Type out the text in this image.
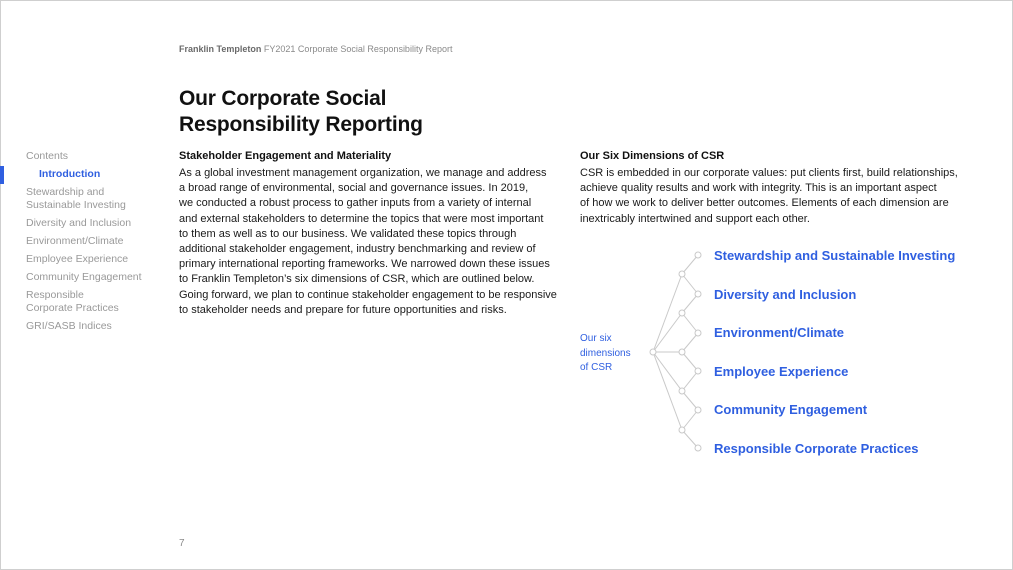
Franklin Templeton FY2021 Corporate Social Responsibility Report
Our Corporate Social
Responsibility Reporting
Contents
Introduction
Stewardship and
Sustainable Investing
Diversity and Inclusion
Environment/Climate
Employee Experience
Community Engagement
Responsible
Corporate Practices
GRI/SASB Indices
Stakeholder Engagement and Materiality
As a global investment management organization, we manage and address
a broad range of environmental, social and governance issues. In 2019,
we conducted a robust process to gather inputs from a variety of internal
and external stakeholders to determine the topics that were most important
to them as well as to our business. We validated these topics through
additional stakeholder engagement, industry benchmarking and review of
primary international reporting frameworks. We narrowed down these issues
to Franklin Templeton’s six dimensions of CSR, which are outlined below.
Going forward, we plan to continue stakeholder engagement to be responsive
to stakeholder needs and prepare for future opportunities and risks.
Our Six Dimensions of CSR
CSR is embedded in our corporate values: put clients first, build relationships,
achieve quality results and work with integrity. This is an important aspect
of how we work to deliver better outcomes. Elements of each dimension are
inextricably intertwined and support each other.
Our six
dimensions
of CSR
Stewardship and Sustainable Investing
Diversity and Inclusion
Environment/Climate
Employee Experience
Community Engagement
Responsible Corporate Practices
7
